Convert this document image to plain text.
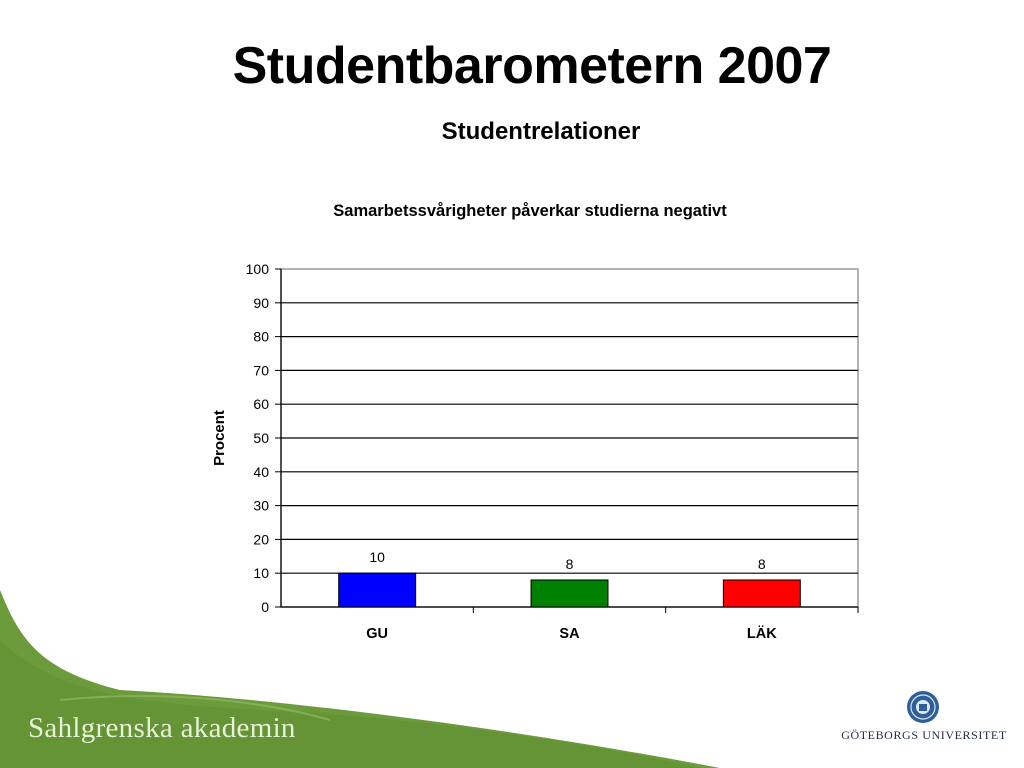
Studentbarometern 2007
Studentrelationer
Samarbetssvårigheter påverkar studierna negativt
Procent
0
10
20
30
40
50
60
70
80
90
100
10
GU
8
SA
8
LÄK
Sahlgrenska akademin	GÖTEBORGS UNIVERSITET
